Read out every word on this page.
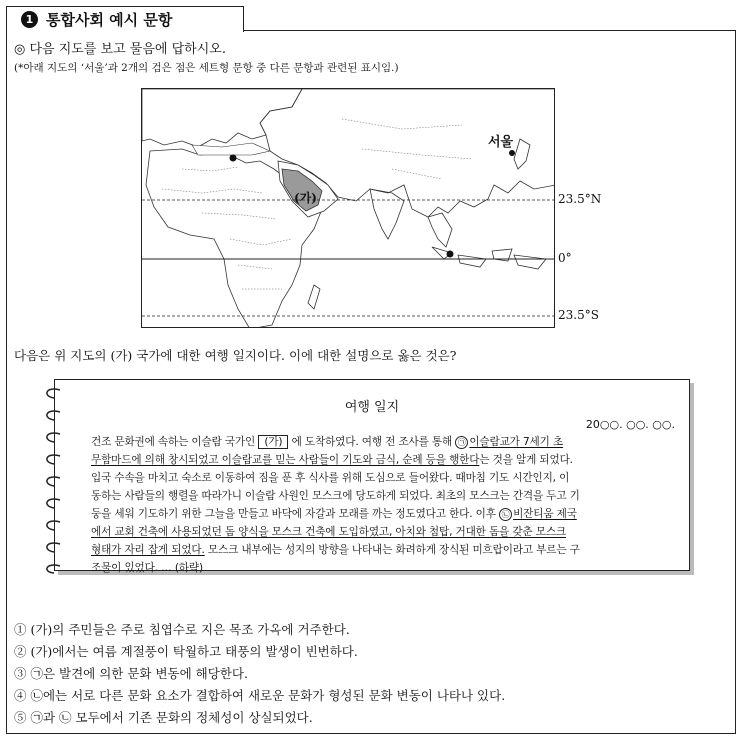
1 통합사회 예시 문항
◎ 다음 지도를 보고 물음에 답하시오.
(*아래 지도의 ‘서울’과 2개의 검은 점은 세트형 문항 중 다른 문항과 관련된 표시임.)
서울
(가)	23.5°N
0°
23.5°S
다음은 위 지도의 (가) 국가에 대한 여행 일지이다. 이에 대한 설명으로 옳은 것은?
여행 일지
20○○. ○○. ○○.
건조 문화권에 속하는 이슬람 국가인 (가) 에 도착하였다. 여행 전 조사를 통해 ㉠ 이슬람교가 7세기 초
무함마드에 의해 창시되었고 이슬람교를 믿는 사람들이 기도와 금식, 순례 등을 행한다는 것을 알게 되었다.
입국 수속을 마치고 숙소로 이동하여 짐을 푼 후 식사를 위해 도심으로 들어왔다. 때마침 기도 시간인지, 이
동하는 사람들의 행렬을 따라가니 이슬람 사원인 모스크에 당도하게 되었다. 최초의 모스크는 간격을 두고 기
둥을 세워 기도하기 위한 그늘을 만들고 바닥에 자갈과 모래를 까는 정도였다고 한다. 이후 ㉡ 비잔티움 제국
에서 교회 건축에 사용되었던 돔 양식을 모스크 건축에 도입하였고, 아치와 첨탑, 거대한 돔을 갖춘 모스크
형태가 자리 잡게 되었다. 모스크 내부에는 성지의 방향을 나타내는 화려하게 장식된 미흐랍이라고 부르는 구
조물이 있었다. … (하략)
① (가)의 주민들은 주로 침엽수로 지은 목조 가옥에 거주한다.
② (가)에서는 여름 계절풍이 탁월하고 태풍의 발생이 빈번하다.
③ ㉠은 발견에 의한 문화 변동에 해당한다.
④ ㉡에는 서로 다른 문화 요소가 결합하여 새로운 문화가 형성된 문화 변동이 나타나 있다.
⑤ ㉠과 ㉡ 모두에서 기존 문화의 정체성이 상실되었다.
